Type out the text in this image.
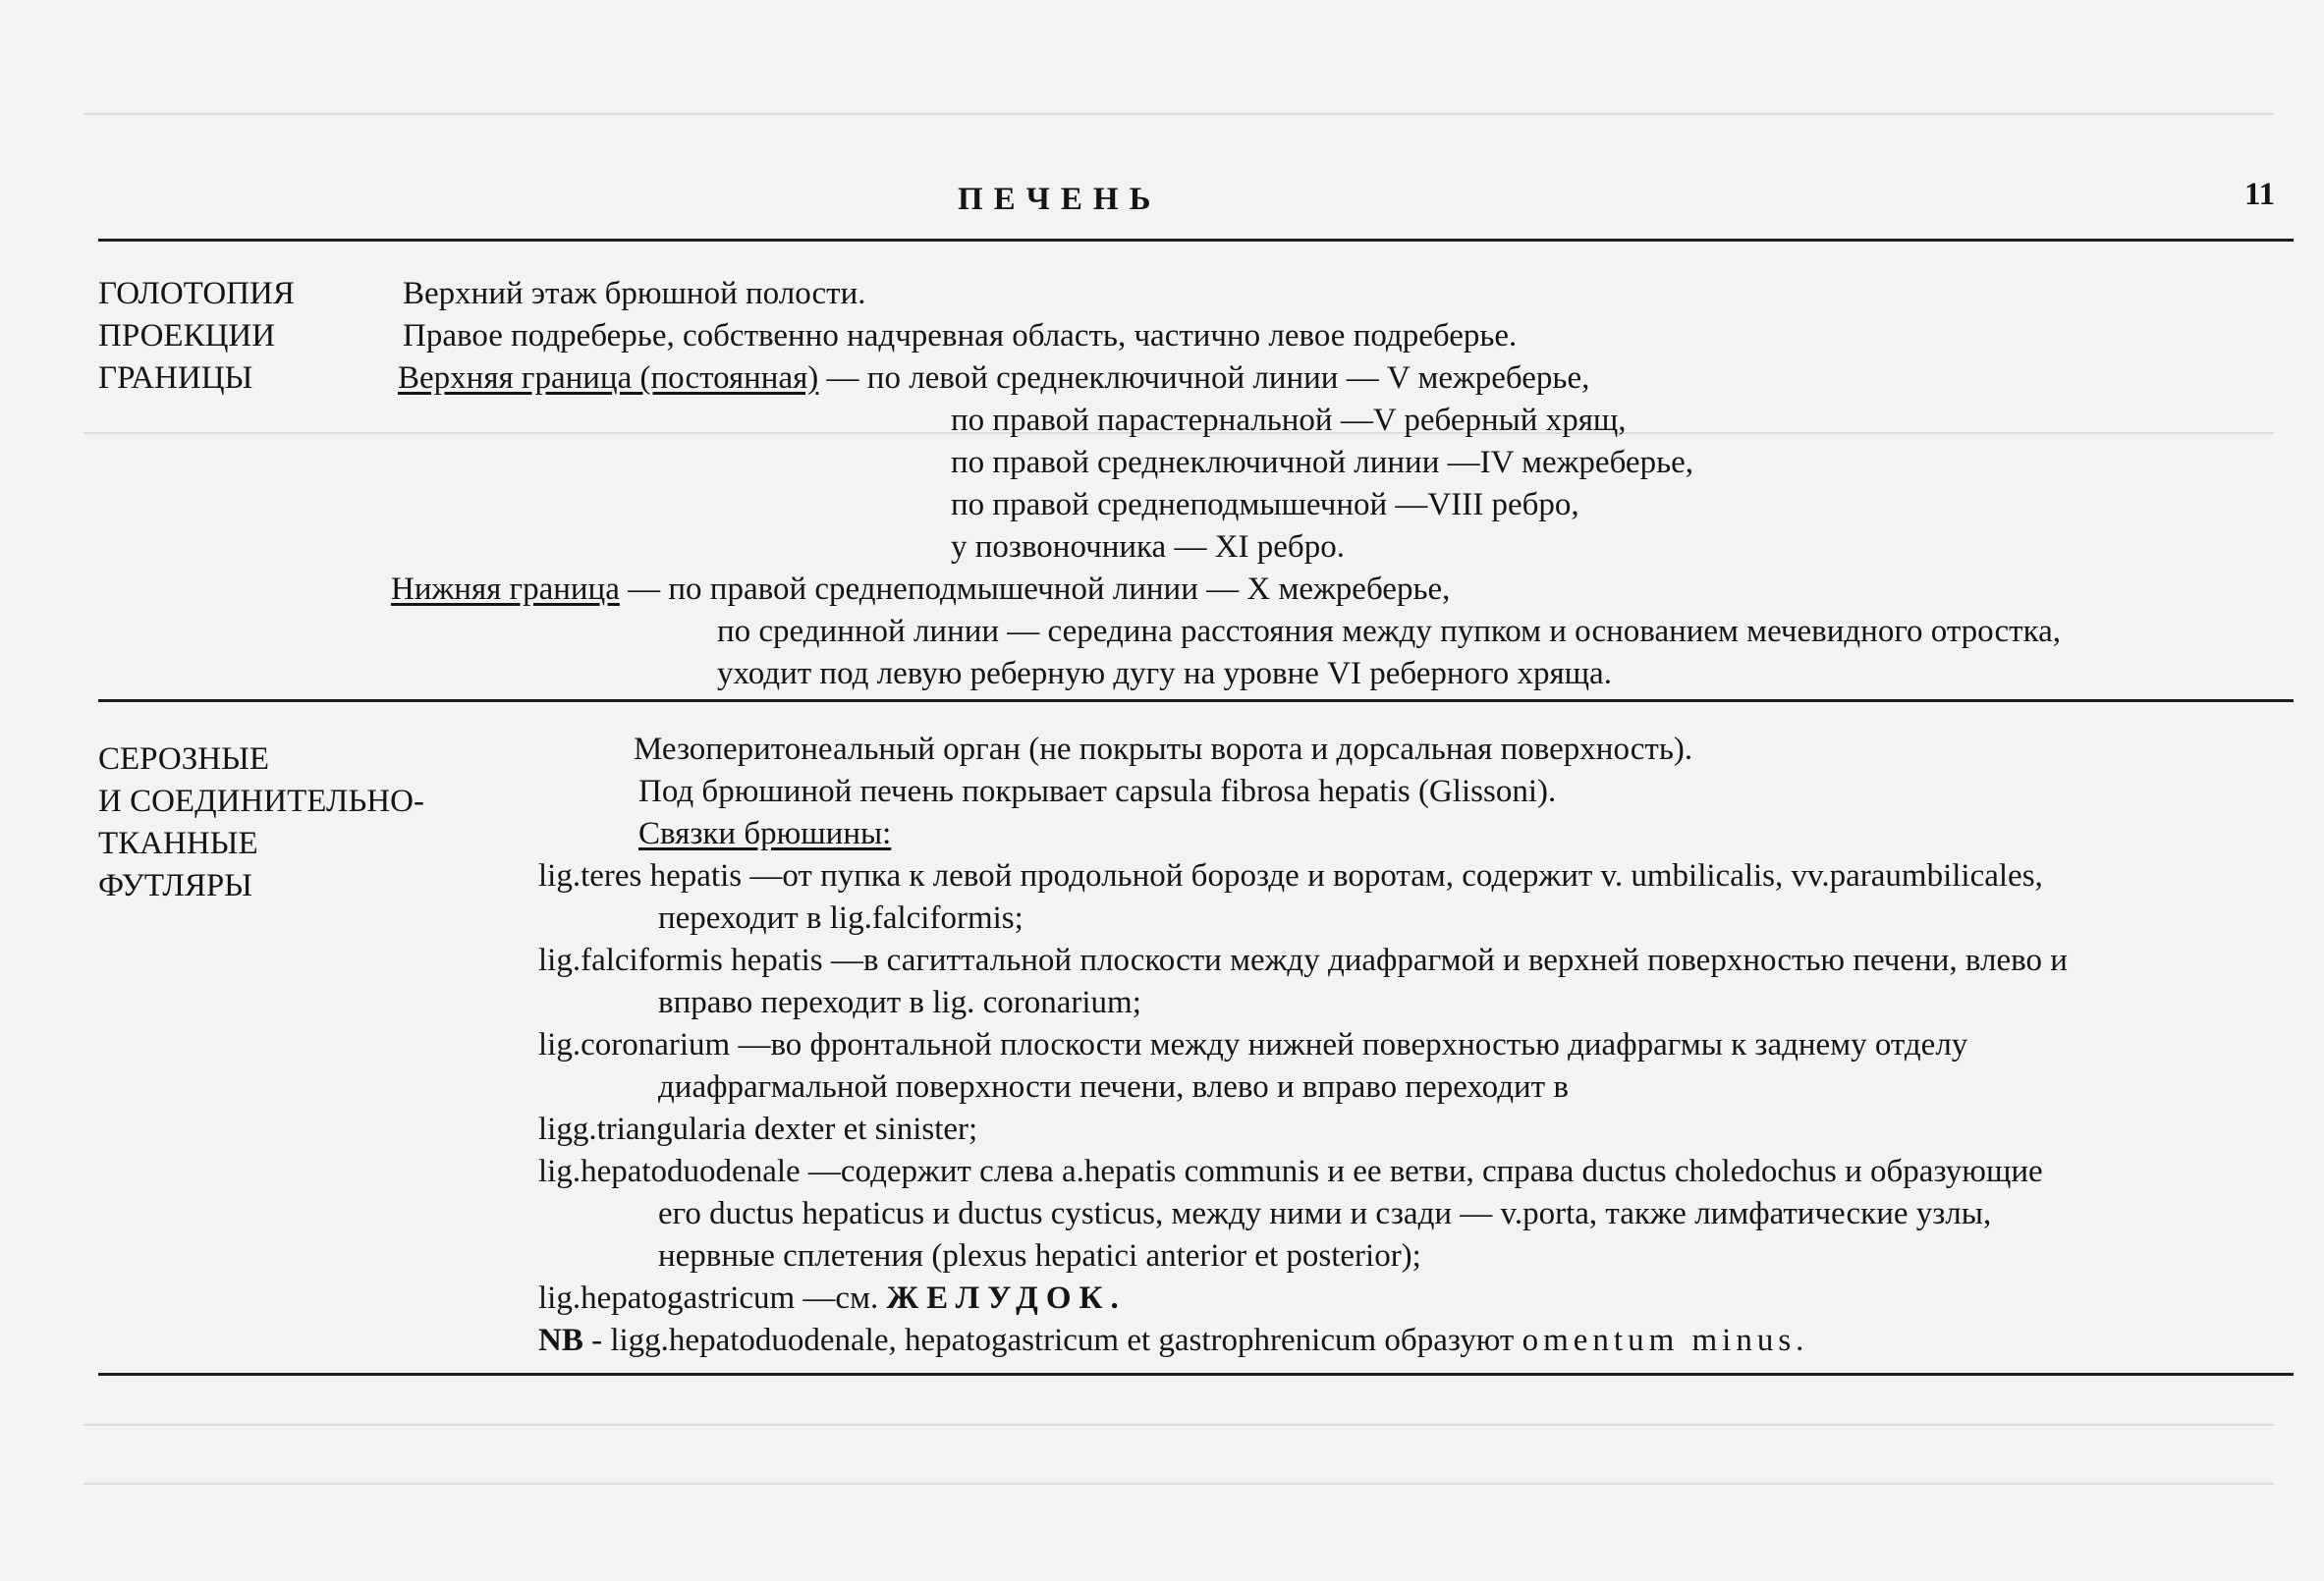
ПЕЧЕНЬ	11
ГОЛОТОПИЯ
ПРОЕКЦИИ
ГРАНИЦЫ
Верхний этаж брюшной полости.
Правое подреберье, собственно надчревная область, частично левое подреберье.
Верхняя граница (постоянная) — по левой среднеключичной линии — V межреберье,
по правой парастернальной —V реберный хрящ,
по правой среднеключичной линии —IV межреберье,
по правой среднеподмышечной —VIII ребро,
у позвоночника — XI ребро.
Нижняя граница — по правой среднеподмышечной линии — X межреберье,
по срединной линии — середина расстояния между пупком и основанием мечевидного отростка,
уходит под левую реберную дугу на уровне VI реберного хряща.
СЕРОЗНЫЕ
И СОЕДИНИТЕЛЬНО-
ТКАННЫЕ
ФУТЛЯРЫ
Мезоперитонеальный орган (не покрыты ворота и дорсальная поверхность).
Под брюшиной печень покрывает capsula fibrosa hepatis (Glissoni).
Связки брюшины:
lig.teres hepatis —от пупка к левой продольной борозде и воротам, содержит v. umbilicalis, vv.paraumbilicales,
переходит в lig.falciformis;
lig.falciformis hepatis —в сагиттальной плоскости между диафрагмой и верхней поверхностью печени, влево и
вправо переходит в lig. coronarium;
lig.coronarium —во фронтальной плоскости между нижней поверхностью диафрагмы к заднему отделу
диафрагмальной поверхности печени, влево и вправо переходит в
ligg.triangularia dexter et sinister;
lig.hepatoduodenale —содержит слева a.hepatis communis и ее ветви, справа ductus choledochus и образующие
его ductus hepaticus и ductus cysticus, между ними и сзади — v.porta, также лимфатические узлы,
нервные сплетения (plexus hepatici anterior et posterior);
lig.hepatogastricum —см. ЖЕЛУДОК.
NB - ligg.hepatoduodenale, hepatogastricum et gastrophrenicum образуют omentum minus.
